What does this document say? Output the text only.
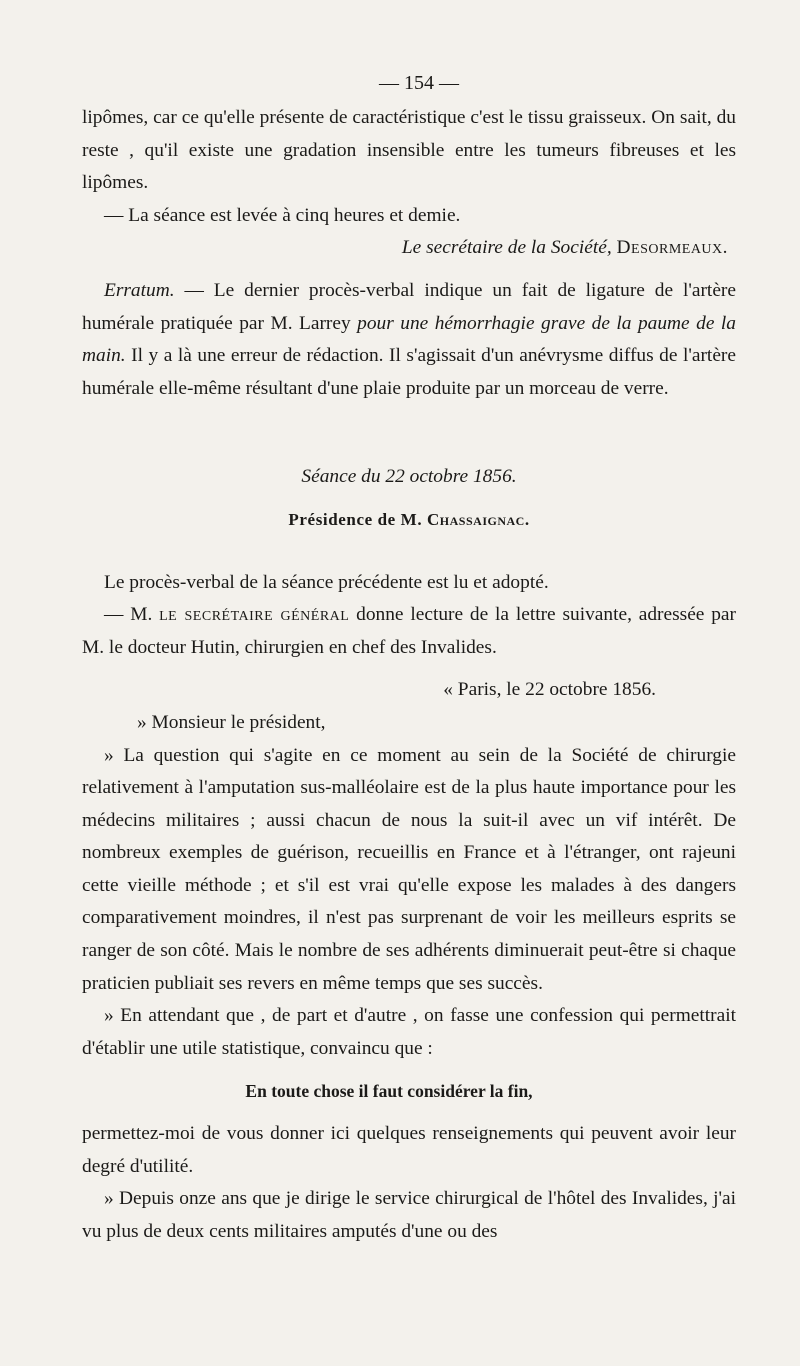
— 154 —

lipômes, car ce qu'elle présente de caractéristique c'est le tissu graisseux. On sait, du reste , qu'il existe une gradation insensible entre les tumeurs fibreuses et les lipômes.

— La séance est levée à cinq heures et demie.

Le secrétaire de la Société, Desormeaux.

Erratum. — Le dernier procès-verbal indique un fait de ligature de l'artère humérale pratiquée par M. Larrey pour une hémorrhagie grave de la paume de la main. Il y a là une erreur de rédaction. Il s'agissait d'un anévrysme diffus de l'artère humérale elle-même résultant d'une plaie produite par un morceau de verre.

Séance du 22 octobre 1856.

Présidence de M. Chassaignac.

Le procès-verbal de la séance précédente est lu et adopté.

— M. le secrétaire général donne lecture de la lettre suivante, adressée par M. le docteur Hutin, chirurgien en chef des Invalides.

« Paris, le 22 octobre 1856.

» Monsieur le président,

» La question qui s'agite en ce moment au sein de la Société de chirurgie relativement à l'amputation sus-malléolaire est de la plus haute importance pour les médecins militaires ; aussi chacun de nous la suit-il avec un vif intérêt. De nombreux exemples de guérison, recueillis en France et à l'étranger, ont rajeuni cette vieille méthode ; et s'il est vrai qu'elle expose les malades à des dangers comparativement moindres, il n'est pas surprenant de voir les meilleurs esprits se ranger de son côté. Mais le nombre de ses adhérents diminuerait peut-être si chaque praticien publiait ses revers en même temps que ses succès.

» En attendant que , de part et d'autre , on fasse une confession qui permettrait d'établir une utile statistique, convaincu que :

En toute chose il faut considérer la fin,

permettez-moi de vous donner ici quelques renseignements qui peuvent avoir leur degré d'utilité.

» Depuis onze ans que je dirige le service chirurgical de l'hôtel des Invalides, j'ai vu plus de deux cents militaires amputés d'une ou des
